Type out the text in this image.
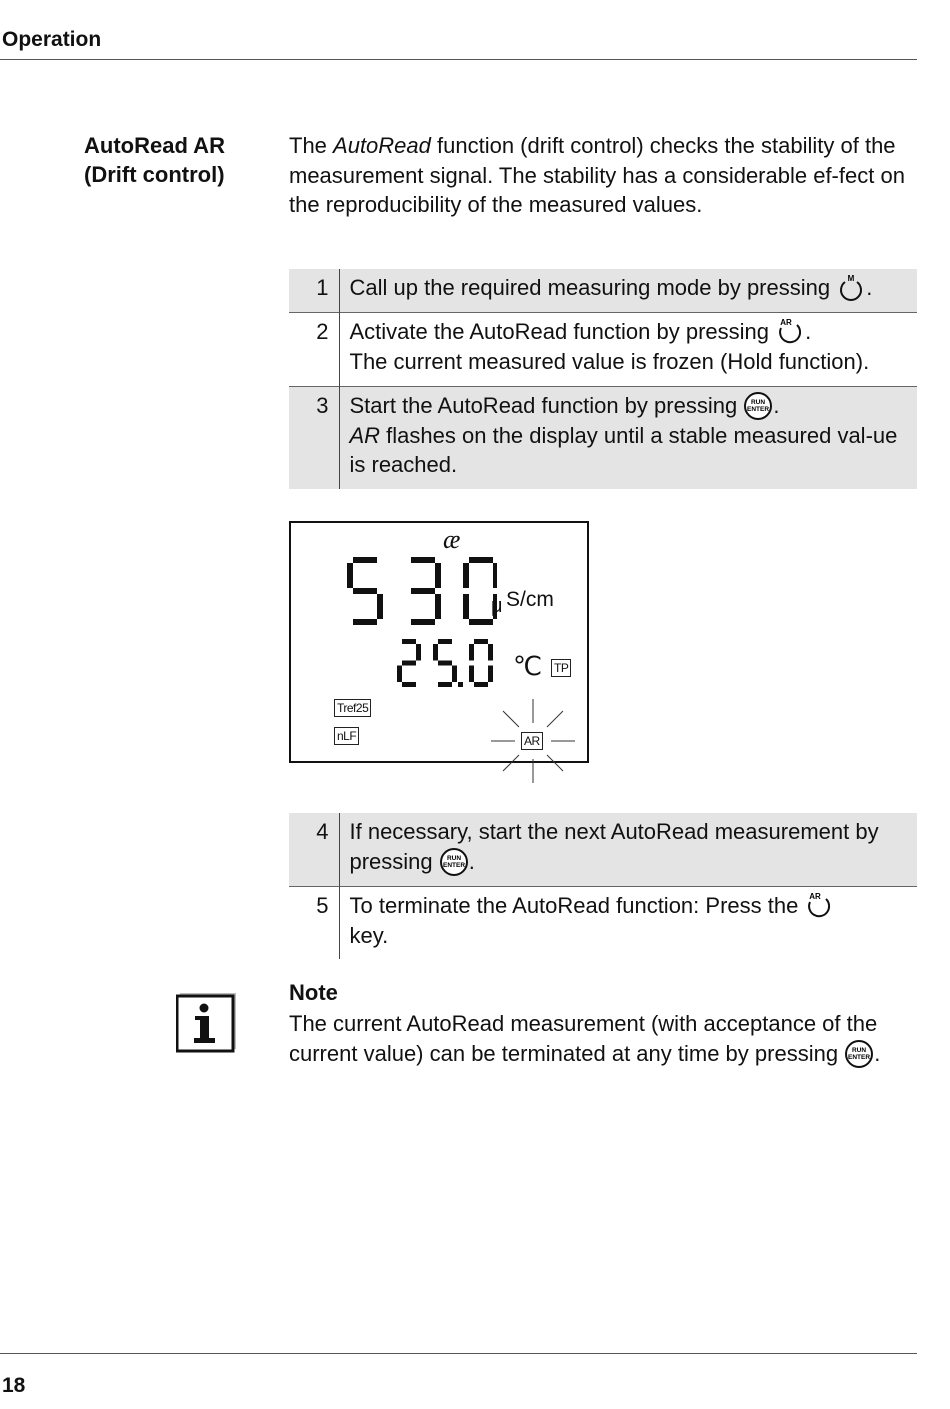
Operation
AutoRead AR
(Drift control)

The AutoRead function (drift control) checks the stability of the measurement signal. The stability has a considerable ef-fect on the reproducibility of the measured values.

1	Call up the required measuring mode by pressing M .
2	Activate the AutoRead function by pressing AR .
The current measured value is frozen (Hold function).
3	Start the AutoRead function by pressing RUN
ENTER .
AR flashes on the display until a stable measured val-ue is reached.
æ
μ S/cm
℃ TP
Tref25
nLF	AR
4	If necessary, start the next AutoRead measurement by pressing RUN
ENTER .
5	To terminate the AutoRead function: Press the AR

key.
Note

The current AutoRead measurement (with acceptance of the current value) can be terminated at any time by pressing RUN
ENTER .

18
